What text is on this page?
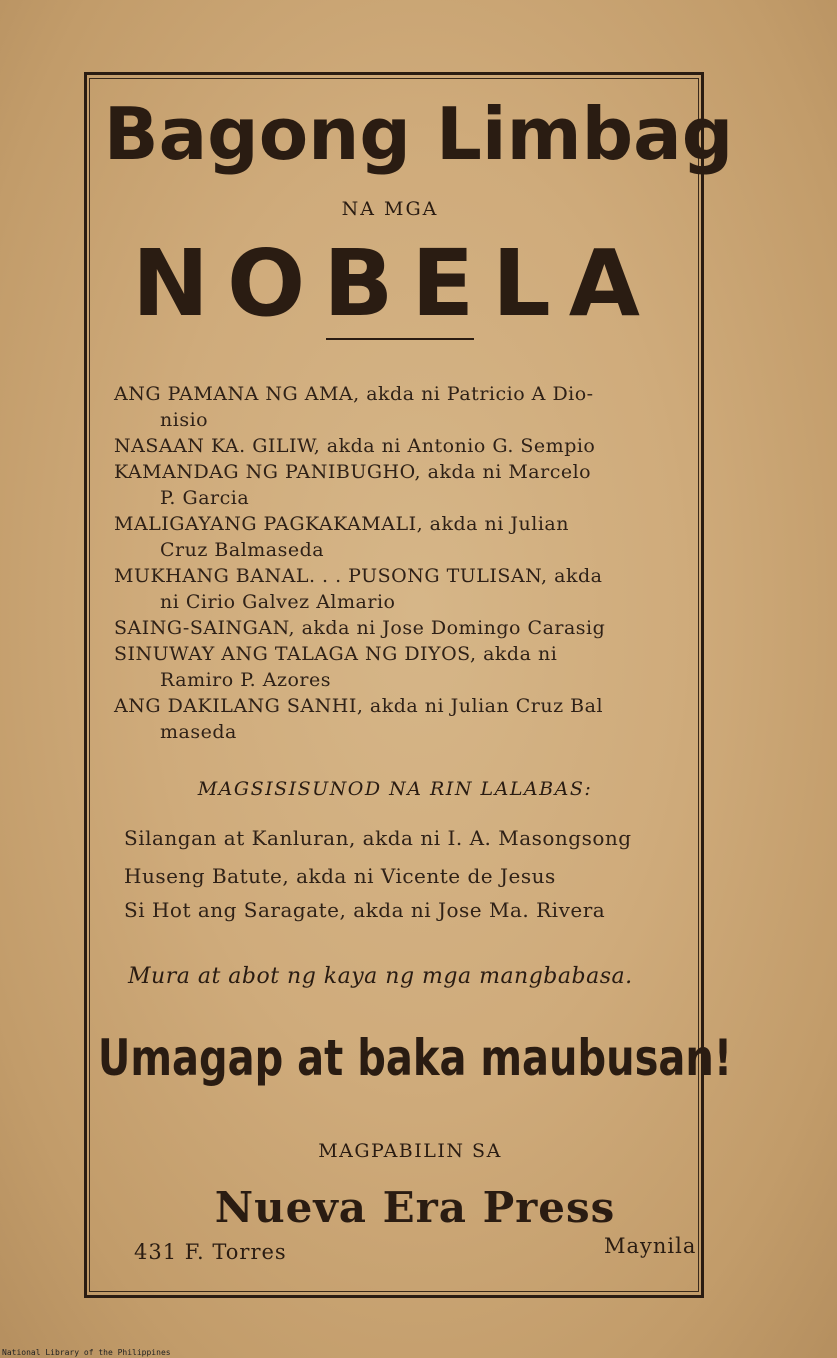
Bagong Limbag
NA MGA
NOBELA
ANG PAMANA NG AMA, akda ni Patricio A Dio-
nisio
NASAAN KA. GILIW, akda ni Antonio G. Sempio
KAMANDAG NG PANIBUGHO, akda ni Marcelo
P. Garcia
MALIGAYANG PAGKAKAMALI, akda ni Julian
Cruz Balmaseda
MUKHANG BANAL. . . PUSONG TULISAN, akda
ni Cirio Galvez Almario
SAING-SAINGAN, akda ni Jose Domingo Carasig
SINUWAY ANG TALAGA NG DIYOS, akda ni
Ramiro P. Azores
ANG DAKILANG SANHI, akda ni Julian Cruz Bal
maseda
MAGSISISUNOD NA RIN LALABAS:
Silangan at Kanluran, akda ni I. A. Masongsong
Huseng Batute, akda ni Vicente de Jesus
Si Hot ang Saragate, akda ni Jose Ma. Rivera
Mura at abot ng kaya ng mga mangbabasa.
Umagap at baka maubusan!
MAGPABILIN SA
Nueva Era Press
431 F. Torres	Maynila
National Library of the Philippines
